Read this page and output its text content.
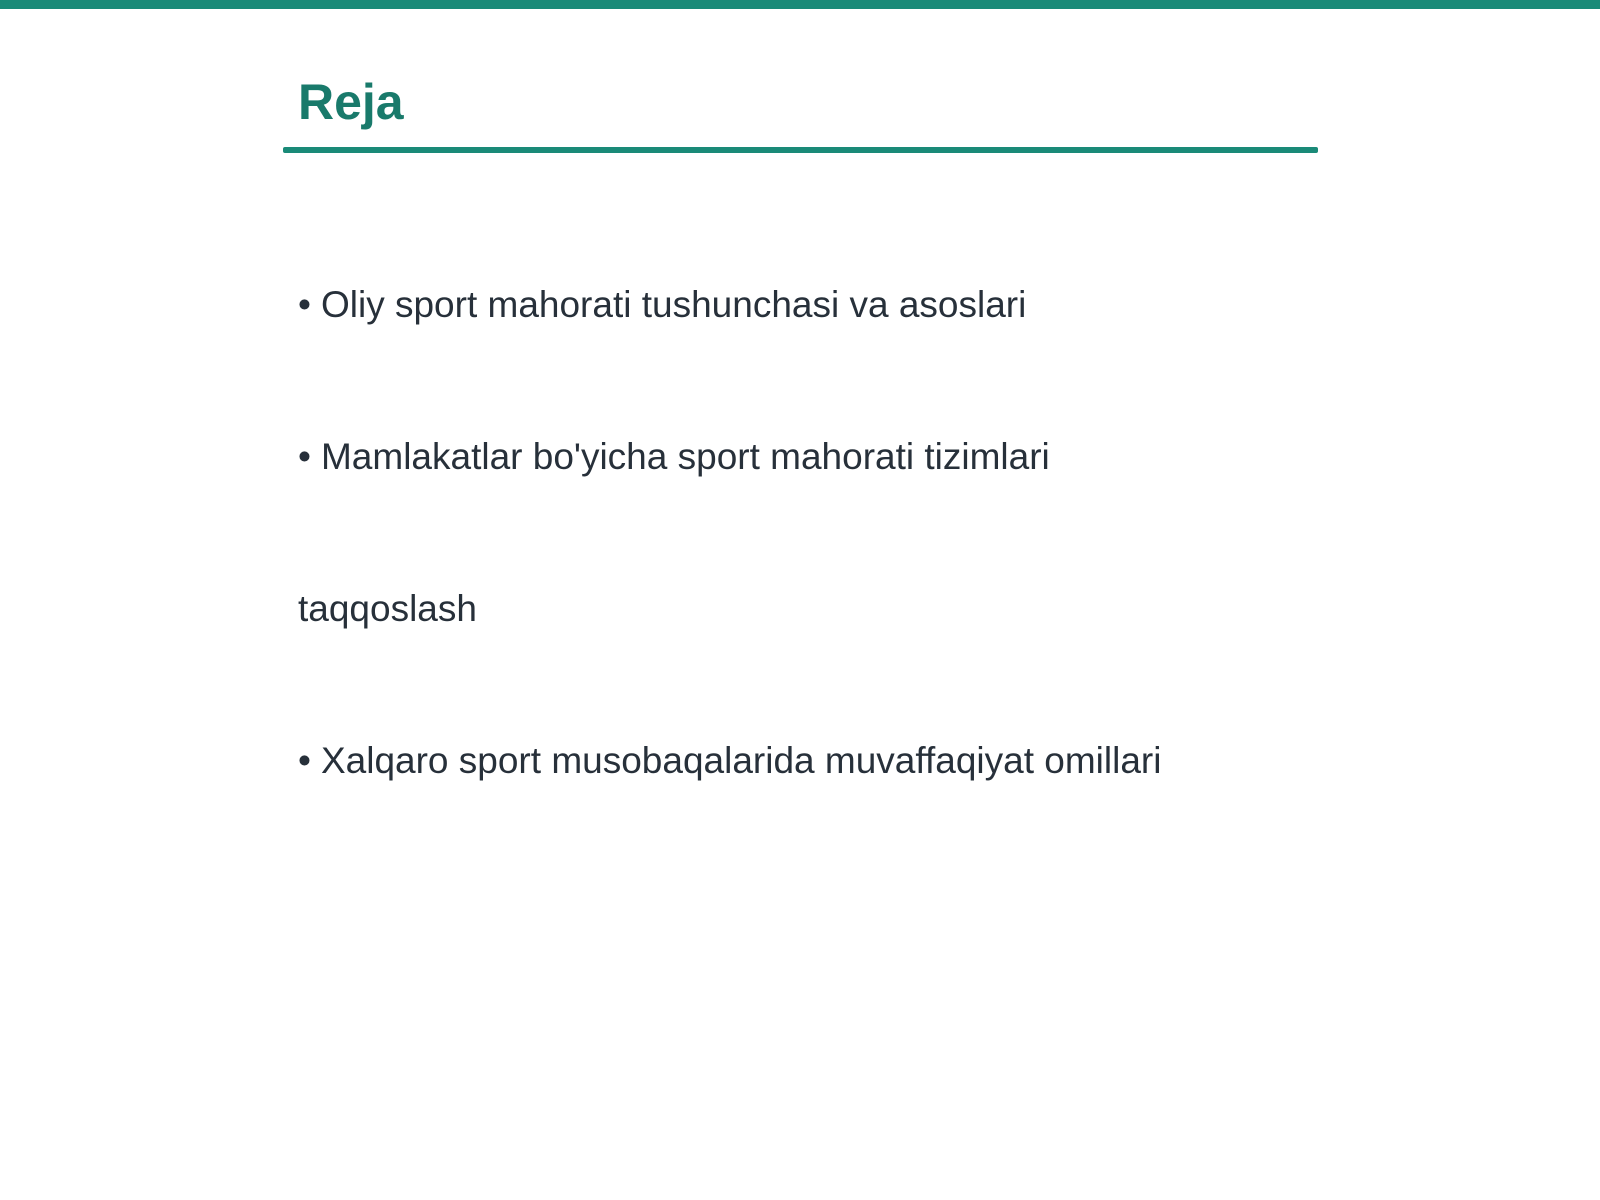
Reja

• Oliy sport mahorati tushunchasi va asoslari

• Mamlakatlar bo'yicha sport mahorati tizimlari

taqqoslash

• Xalqaro sport musobaqalarida muvaffaqiyat omillari
